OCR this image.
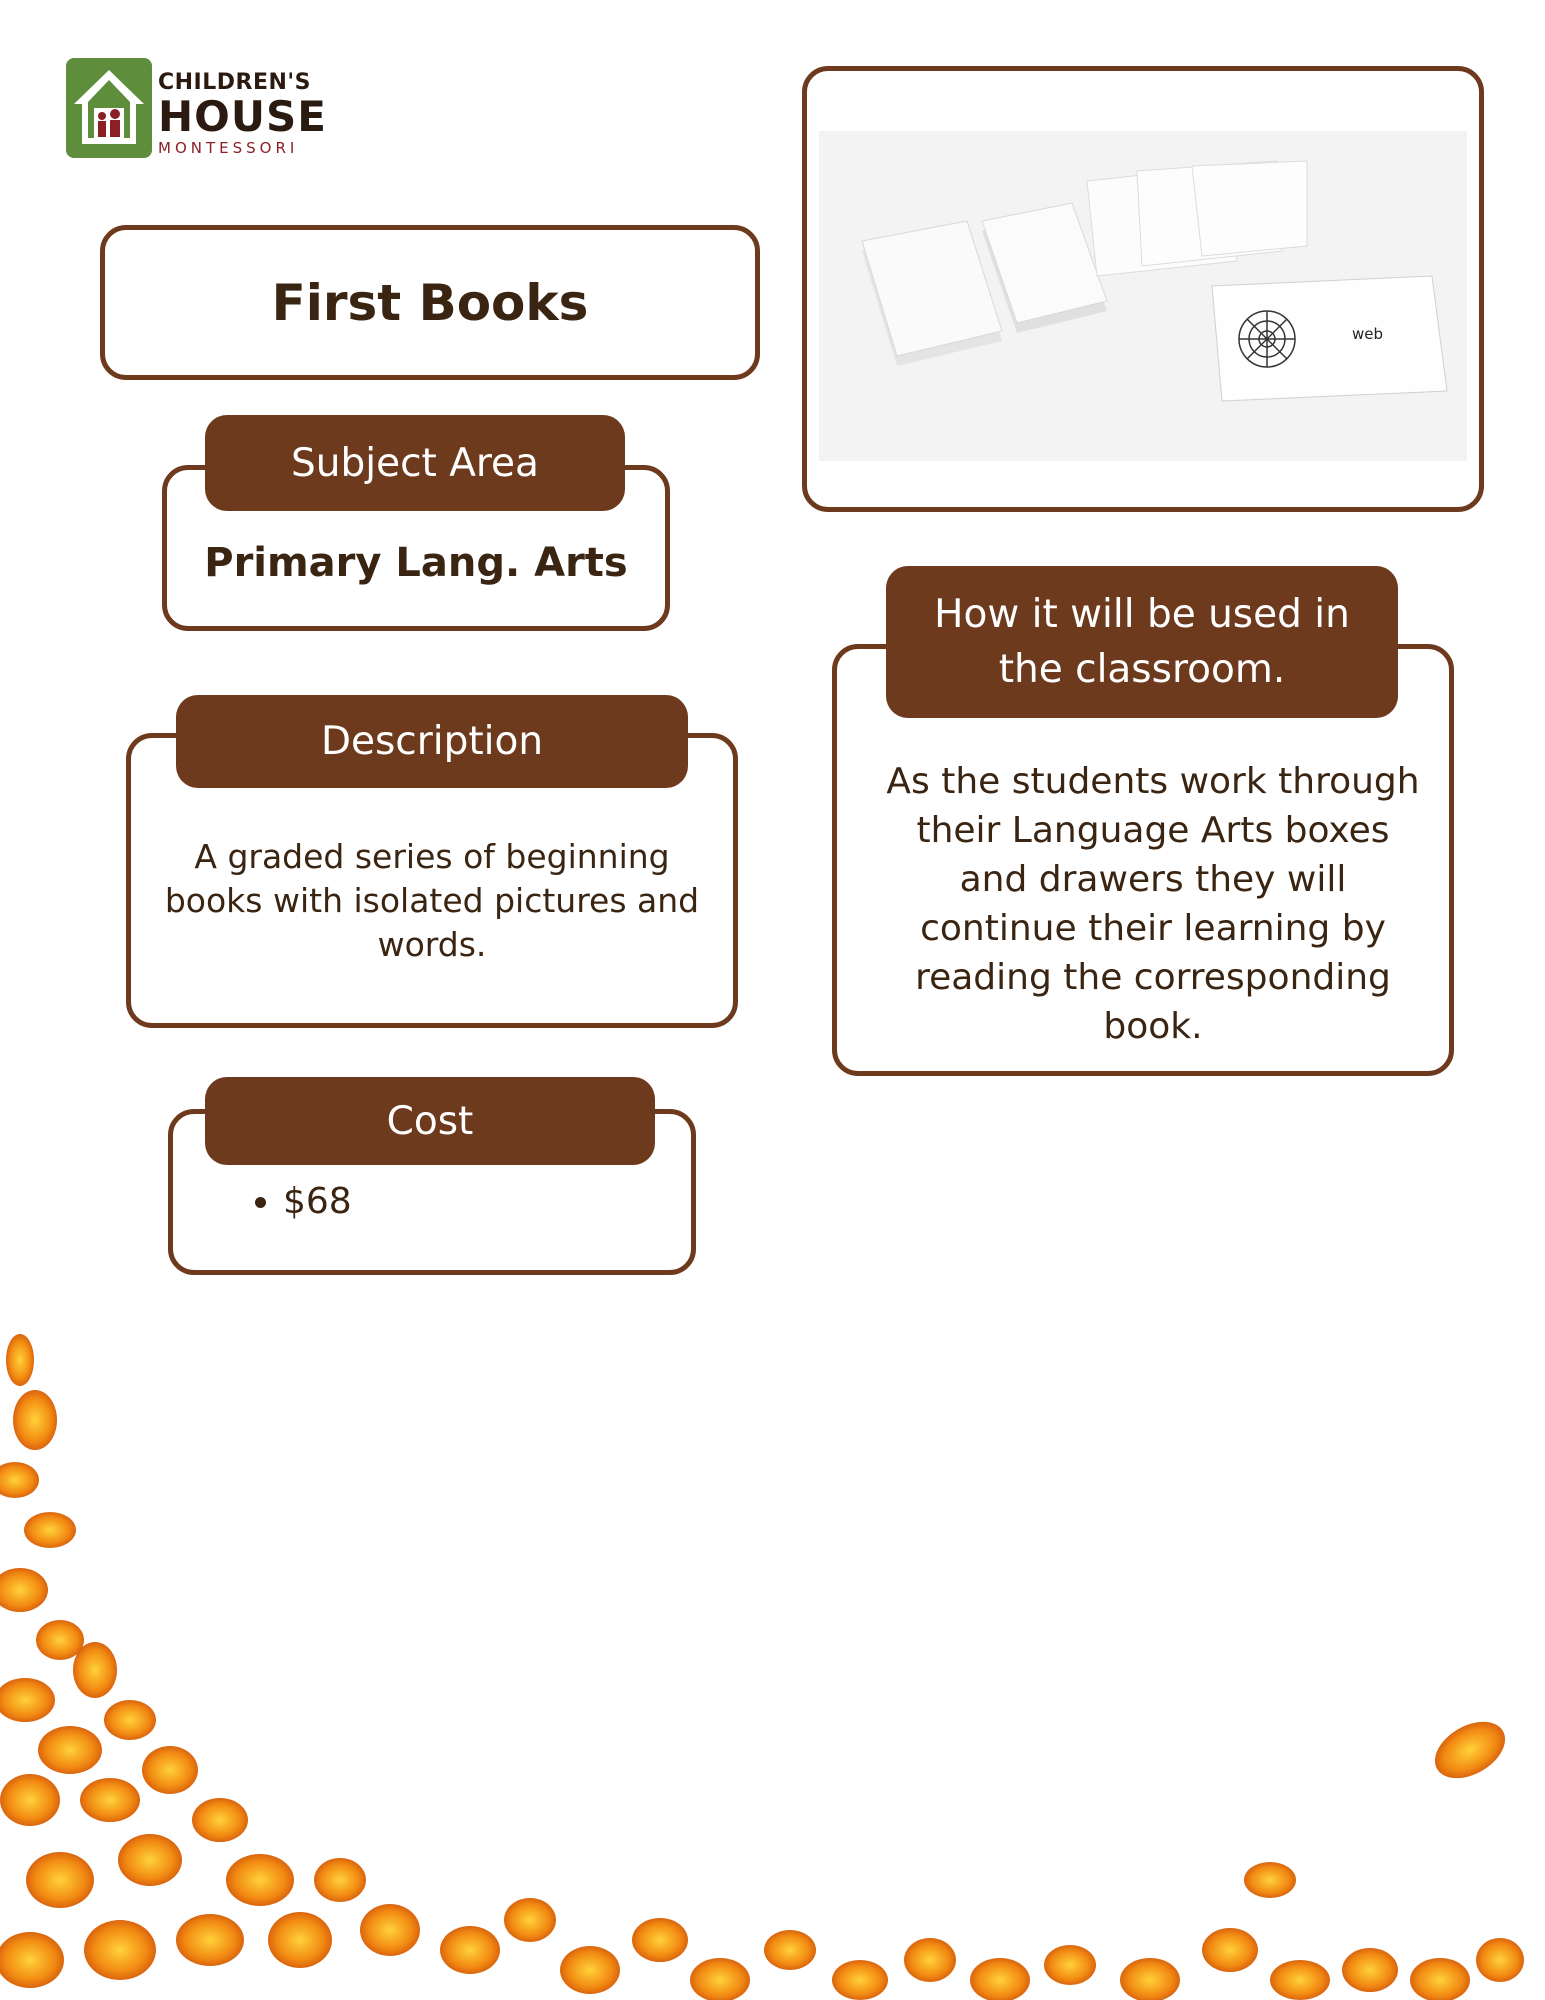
CHILDREN'S
HOUSE
MONTESSORI
First Books
Primary Lang. Arts
Subject Area
A graded series of beginning books with isolated pictures and words.
Description
• $68
Cost
web
As the students work through their Language Arts boxes and drawers they will continue their learning by reading the corresponding book.
How it will be used in the classroom.
